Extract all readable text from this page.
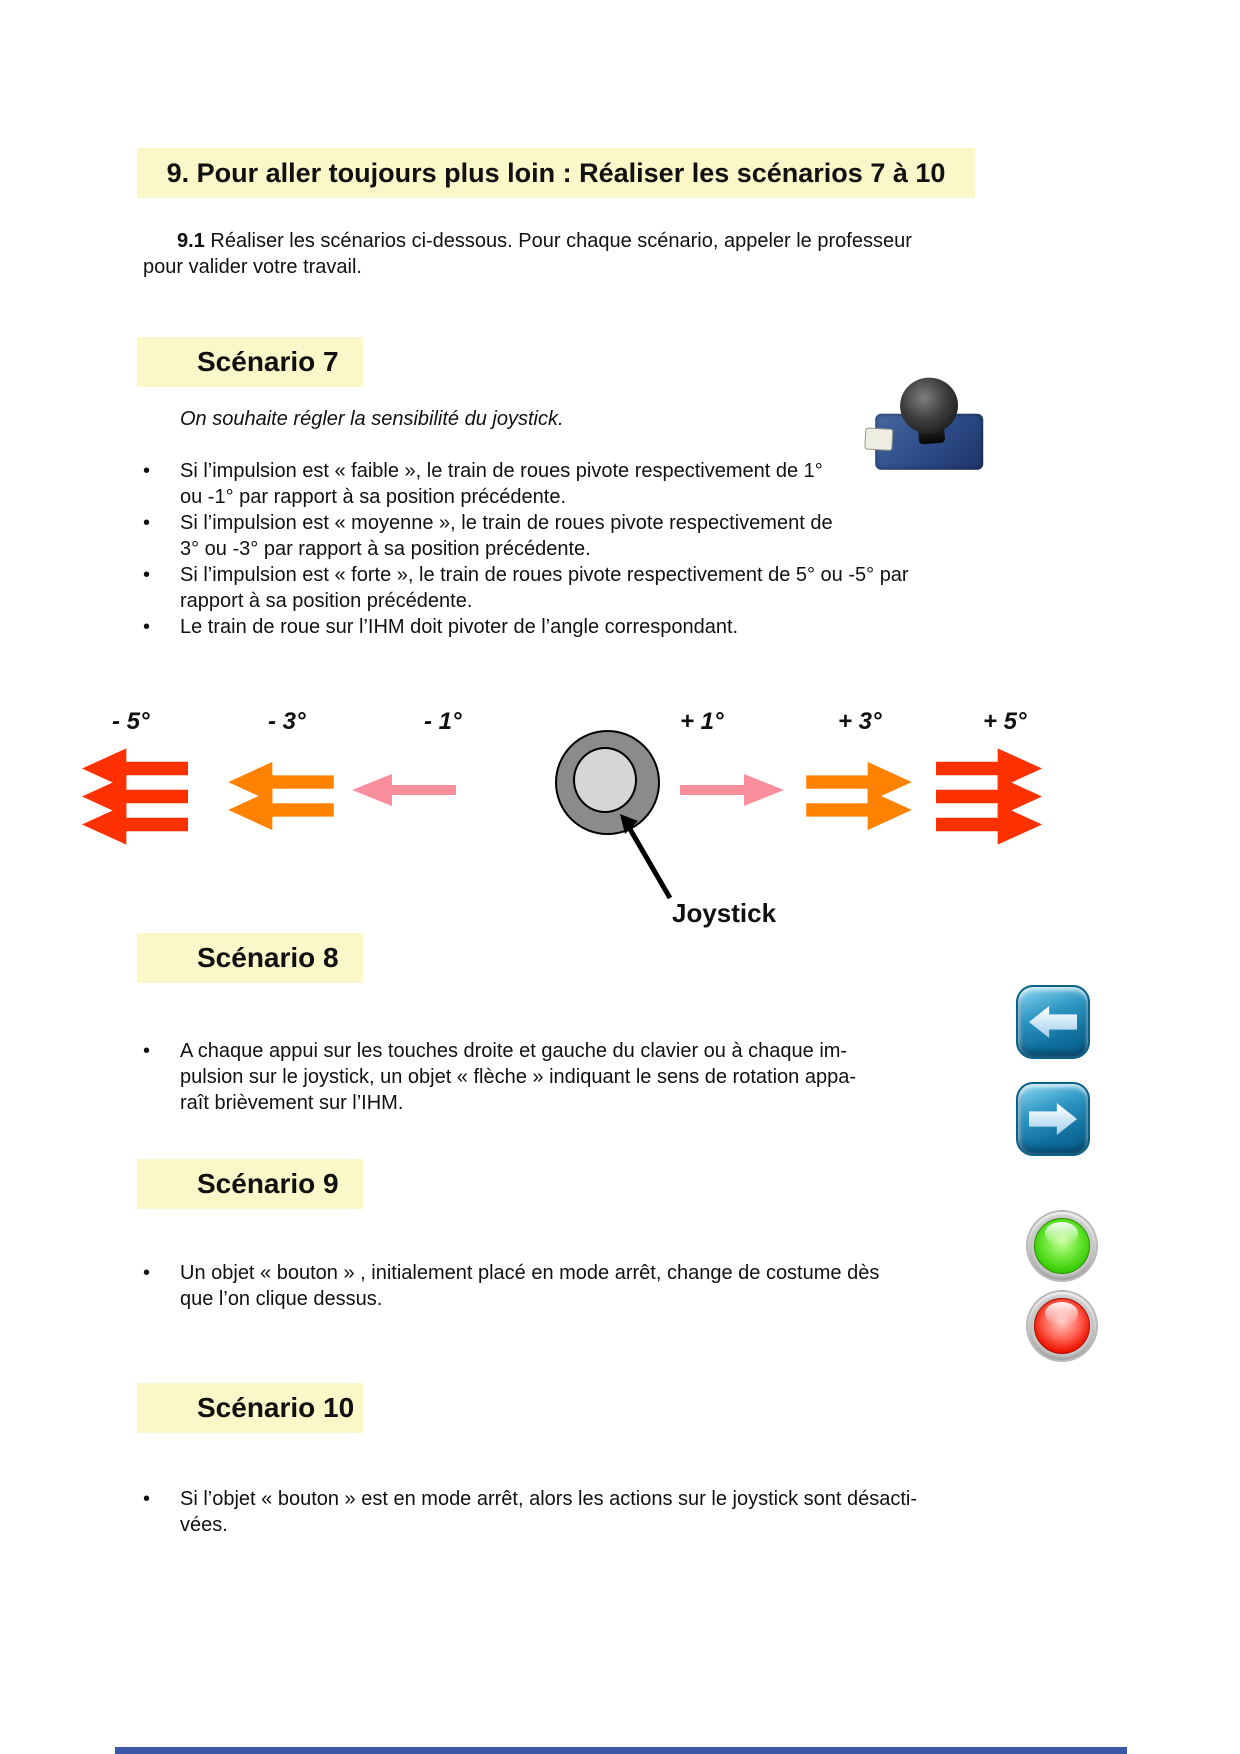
9. Pour aller toujours plus loin : Réaliser les scénarios 7 à 10

9.1 Réaliser les scénarios ci-dessous. Pour chaque scénario, appeler le professeur pour valider votre travail.

Scénario 7
On souhaite régler la sensibilité du joystick.
•	Si l’impulsion est « faible », le train de roues pivote respectivement de 1°
ou -1° par rapport à sa position précédente.
•	Si l’impulsion est « moyenne », le train de roues pivote respectivement de
3° ou -3° par rapport à sa position précédente.
•	Si l’impulsion est « forte », le train de roues pivote respectivement de 5° ou -5° par
rapport à sa position précédente.
•	Le train de roue sur l’IHM doit pivoter de l’angle correspondant.
- 5°	- 3°	- 1°	+ 1°	+ 3°	+ 5°
Joystick
Scénario 8
•	A chaque appui sur les touches droite et gauche du clavier ou à chaque im-
pulsion sur le joystick, un objet « flèche » indiquant le sens de rotation appa-
raît brièvement sur l’IHM.
Scénario 9
•	Un objet « bouton » , initialement placé en mode arrêt, change de costume dès
que l’on clique dessus.
Scénario 10
•	Si l’objet « bouton » est en mode arrêt, alors les actions sur le joystick sont désacti-
vées.
